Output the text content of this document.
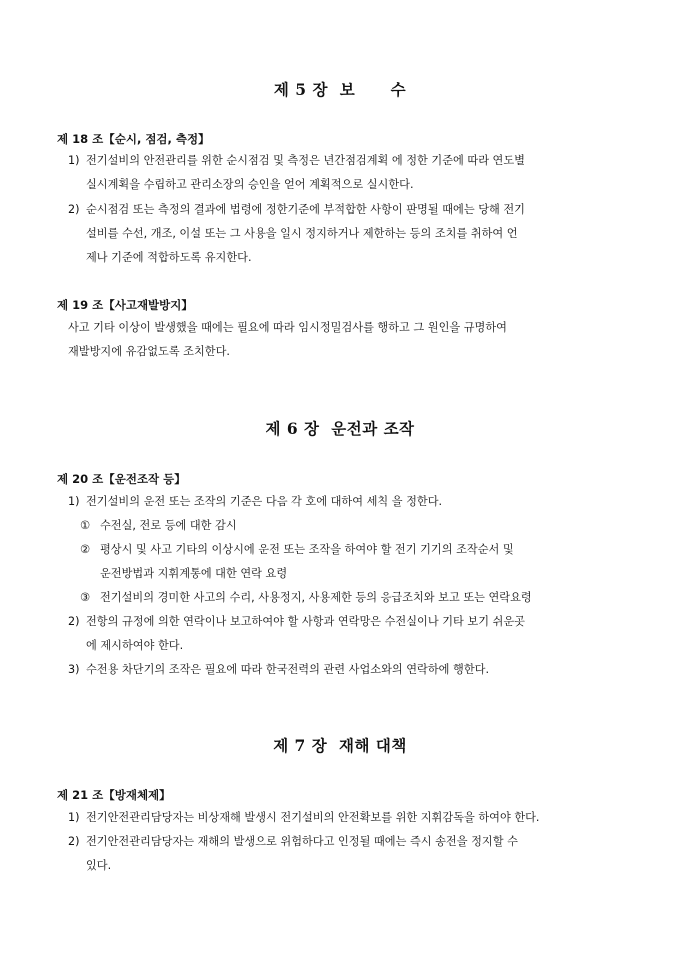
제 5 장  보      수
제 18 조【순시, 점검, 측정】
1) 전기설비의 안전관리를 위한 순시점검 및 측정은 년간점검계획 에 정한 기준에 따라 연도별
실시계획을 수립하고 관리소장의 승인을 얻어 계획적으로 실시한다.
2) 순시점검 또는 측정의 결과에 법령에 정한기준에 부적합한 사항이 판명될 때에는 당해 전기
설비를 수선, 개조, 이설 또는 그 사용을 일시 정지하거나 제한하는 등의 조치를 취하여 언
제나 기준에 적합하도록 유지한다.
제 19 조【사고재발방지】
사고 기타 이상이 발생했을 때에는 필요에 따라 임시정밀검사를 행하고 그 원인을 규명하여
재발방지에 유감없도록 조치한다.
제 6 장  운전과 조작
제 20 조【운전조작 등】
1) 전기설비의 운전 또는 조작의 기준은 다음 각 호에 대하여 세칙 을 정한다.
① 수전실, 전로 등에 대한 감시
② 평상시 및 사고 기타의 이상시에 운전 또는 조작을 하여야 할 전기 기기의 조작순서 및
운전방법과 지휘계통에 대한 연락 요령
③ 전기설비의 경미한 사고의 수리, 사용정지, 사용제한 등의 응급조치와 보고 또는 연락요령
2) 전항의 규정에 의한 연락이나 보고하여야 할 사항과 연락망은 수전실이나 기타 보기 쉬운곳
에 제시하여야 한다.
3) 수전용 차단기의 조작은 필요에 따라 한국전력의 관련 사업소와의 연락하에 행한다.
제 7 장  재해 대책
제 21 조【방재체제】
1) 전기안전관리담당자는 비상재해 발생시 전기설비의 안전확보를 위한 지휘감독을 하여야 한다.
2) 전기안전관리담당자는 재해의 발생으로 위험하다고 인정될 때에는 즉시 송전을 정지할 수
있다.
